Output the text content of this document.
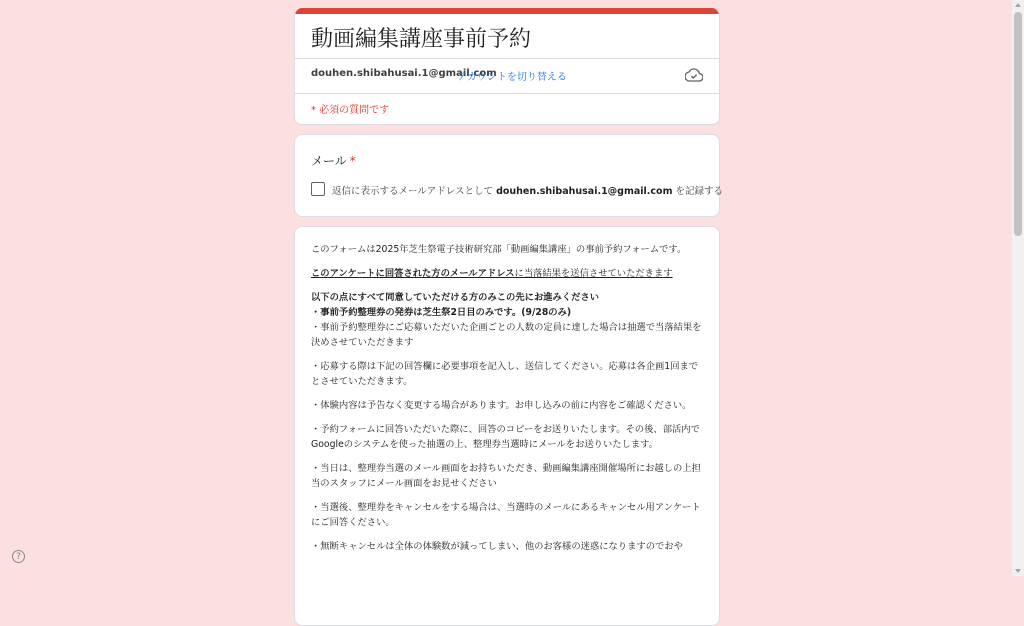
動画編集講座事前予約
douhen.shibahusai.1@gmail.com
アカウントを切り替える
* 必須の質問です
メール *
返信に表示するメールアドレスとして douhen.shibahusai.1@gmail.com を記録する

このフォームは2025年芝生祭電子技術研究部「動画編集講座」の事前予約フォームです。

このアンケートに回答された方のメールアドレスに当落結果を送信させていただきます

以下の点にすべて同意していただける方のみこの先にお進みください
・事前予約整理券の発券は芝生祭2日目のみです。(9/28のみ)

・事前予約整理券にご応募いただいた企画ごとの人数の定員に達した場合は抽選で当落結果を決めさせていただきます

・応募する際は下記の回答欄に必要事項を記入し、送信してください。応募は各企画1回までとさせていただきます。

・体験内容は予告なく変更する場合があります。お申し込みの前に内容をご確認ください。

・予約フォームに回答いただいた際に、回答のコピーをお送りいたします。その後、部活内でGoogleのシステムを使った抽選の上、整理券当選時にメールをお送りいたします。

・当日は、整理券当選のメール画面をお持ちいただき、動画編集講座開催場所にお越しの上担当のスタッフにメール画面をお見せください

・当選後、整理券をキャンセルをする場合は、当選時のメールにあるキャンセル用アンケートにご回答ください。

・無断キャンセルは全体の体験数が減ってしまい、他のお客様の迷惑になりますのでおや

?
